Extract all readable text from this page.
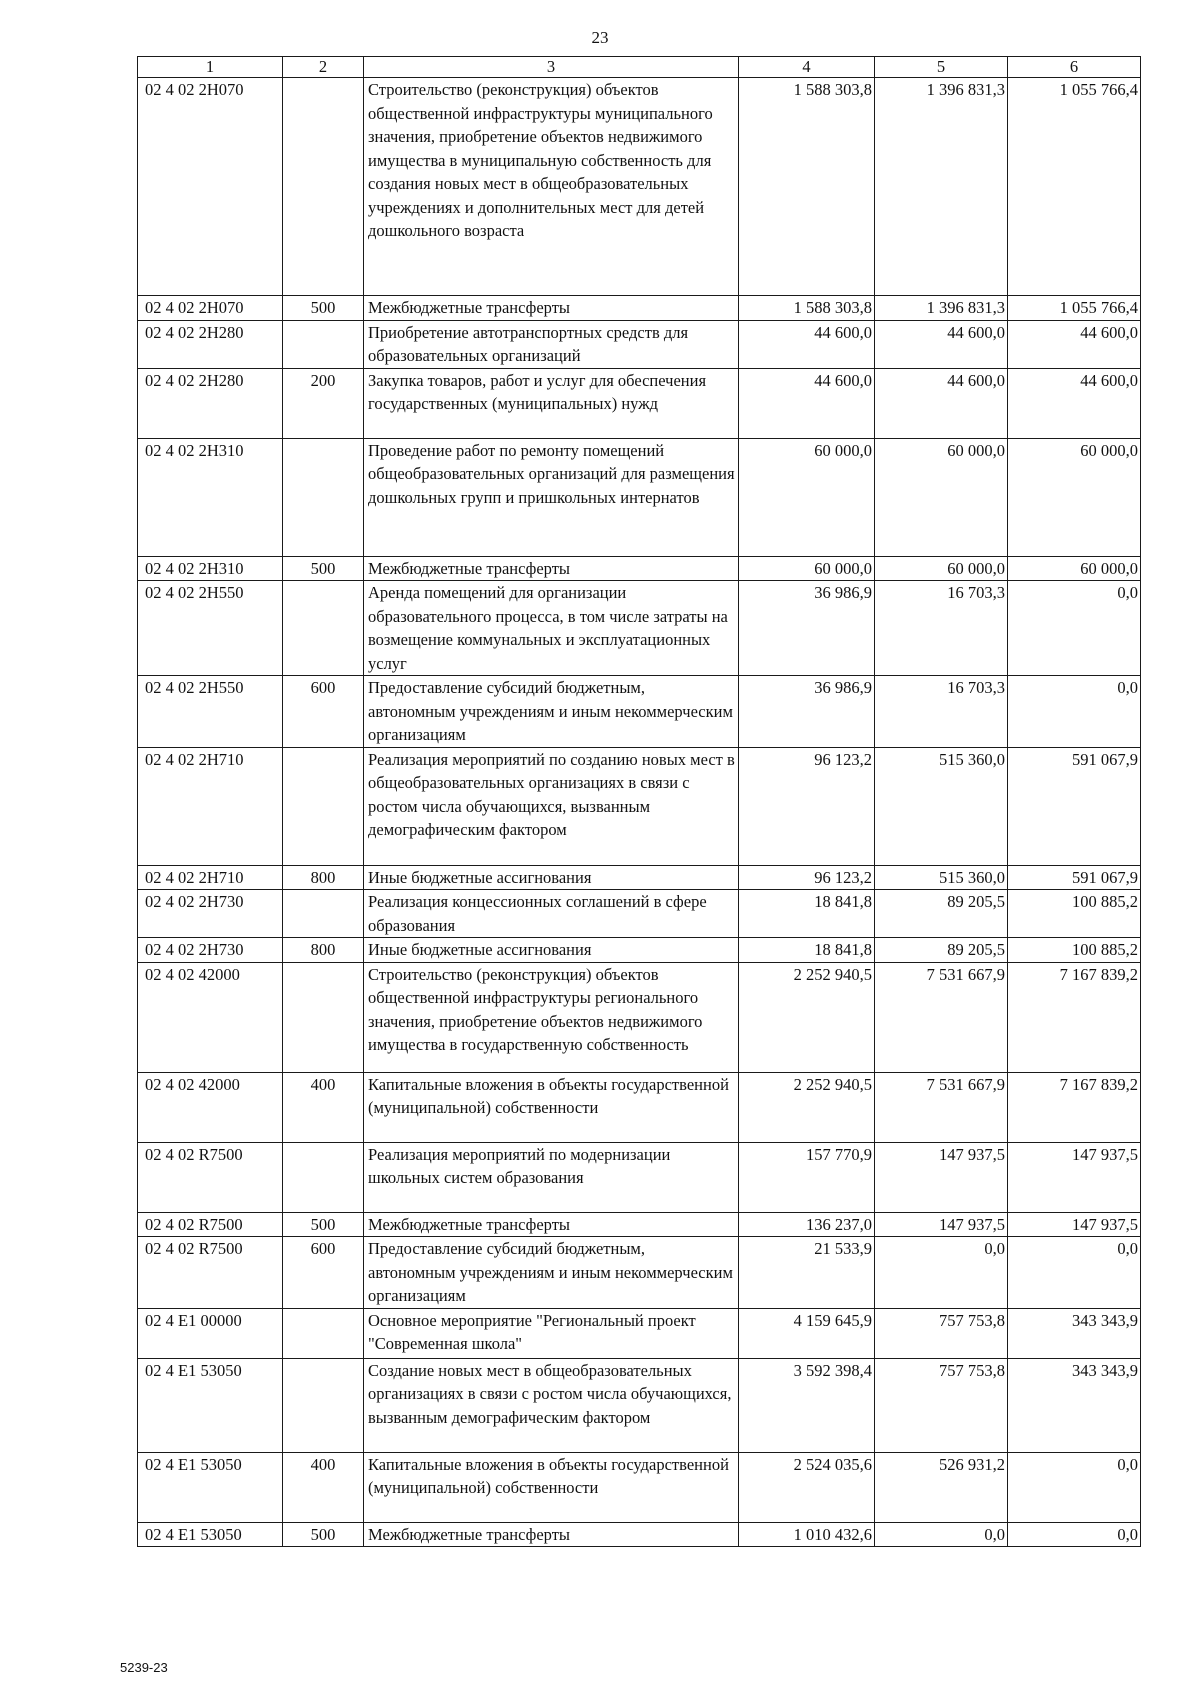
23
1	2	3	4	5	6
02 4 02 2Н070		Строительство (реконструкция) объектов общественной инфраструктуры муниципального значения, приобретение объектов недвижимого имущества в муниципальную собственность для создания новых мест в общеобразовательных учреждениях и дополнительных мест для детей дошкольного возраста	1 588 303,8	1 396 831,3	1 055 766,4
02 4 02 2Н070	500	Межбюджетные трансферты	1 588 303,8	1 396 831,3	1 055 766,4
02 4 02 2Н280		Приобретение автотранспортных средств для образовательных организаций	44 600,0	44 600,0	44 600,0
02 4 02 2Н280	200	Закупка товаров, работ и услуг для обеспечения государственных (муниципальных) нужд	44 600,0	44 600,0	44 600,0
02 4 02 2Н310		Проведение работ по ремонту помещений общеобразовательных организаций для размещения дошкольных групп и пришкольных интернатов	60 000,0	60 000,0	60 000,0
02 4 02 2Н310	500	Межбюджетные трансферты	60 000,0	60 000,0	60 000,0
02 4 02 2Н550		Аренда помещений для организации образовательного процесса, в том числе затраты на возмещение коммунальных и эксплуатационных услуг	36 986,9	16 703,3	0,0
02 4 02 2Н550	600	Предоставление субсидий бюджетным, автономным учреждениям и иным некоммерческим организациям	36 986,9	16 703,3	0,0
02 4 02 2Н710		Реализация мероприятий по созданию новых мест в общеобразовательных организациях в связи с ростом числа обучающихся, вызванным демографическим фактором	96 123,2	515 360,0	591 067,9
02 4 02 2Н710	800	Иные бюджетные ассигнования	96 123,2	515 360,0	591 067,9
02 4 02 2Н730		Реализация концессионных соглашений в сфере образования	18 841,8	89 205,5	100 885,2
02 4 02 2Н730	800	Иные бюджетные ассигнования	18 841,8	89 205,5	100 885,2
02 4 02 42000		Строительство (реконструкция) объектов общественной инфраструктуры регионального значения, приобретение объектов недвижимого имущества в государственную собственность	2 252 940,5	7 531 667,9	7 167 839,2
02 4 02 42000	400	Капитальные вложения в объекты государственной (муниципальной) собственности	2 252 940,5	7 531 667,9	7 167 839,2
02 4 02 R7500		Реализация мероприятий по модернизации школьных систем образования	157 770,9	147 937,5	147 937,5
02 4 02 R7500	500	Межбюджетные трансферты	136 237,0	147 937,5	147 937,5
02 4 02 R7500	600	Предоставление субсидий бюджетным, автономным учреждениям и иным некоммерческим организациям	21 533,9	0,0	0,0
02 4 E1 00000		Основное мероприятие "Региональный проект "Современная школа"	4 159 645,9	757 753,8	343 343,9
02 4 E1 53050		Создание новых мест в общеобразовательных организациях в связи с ростом числа обучающихся, вызванным демографическим фактором	3 592 398,4	757 753,8	343 343,9
02 4 E1 53050	400	Капитальные вложения в объекты государственной (муниципальной) собственности	2 524 035,6	526 931,2	0,0
02 4 E1 53050	500	Межбюджетные трансферты	1 010 432,6	0,0	0,0
5239-23
